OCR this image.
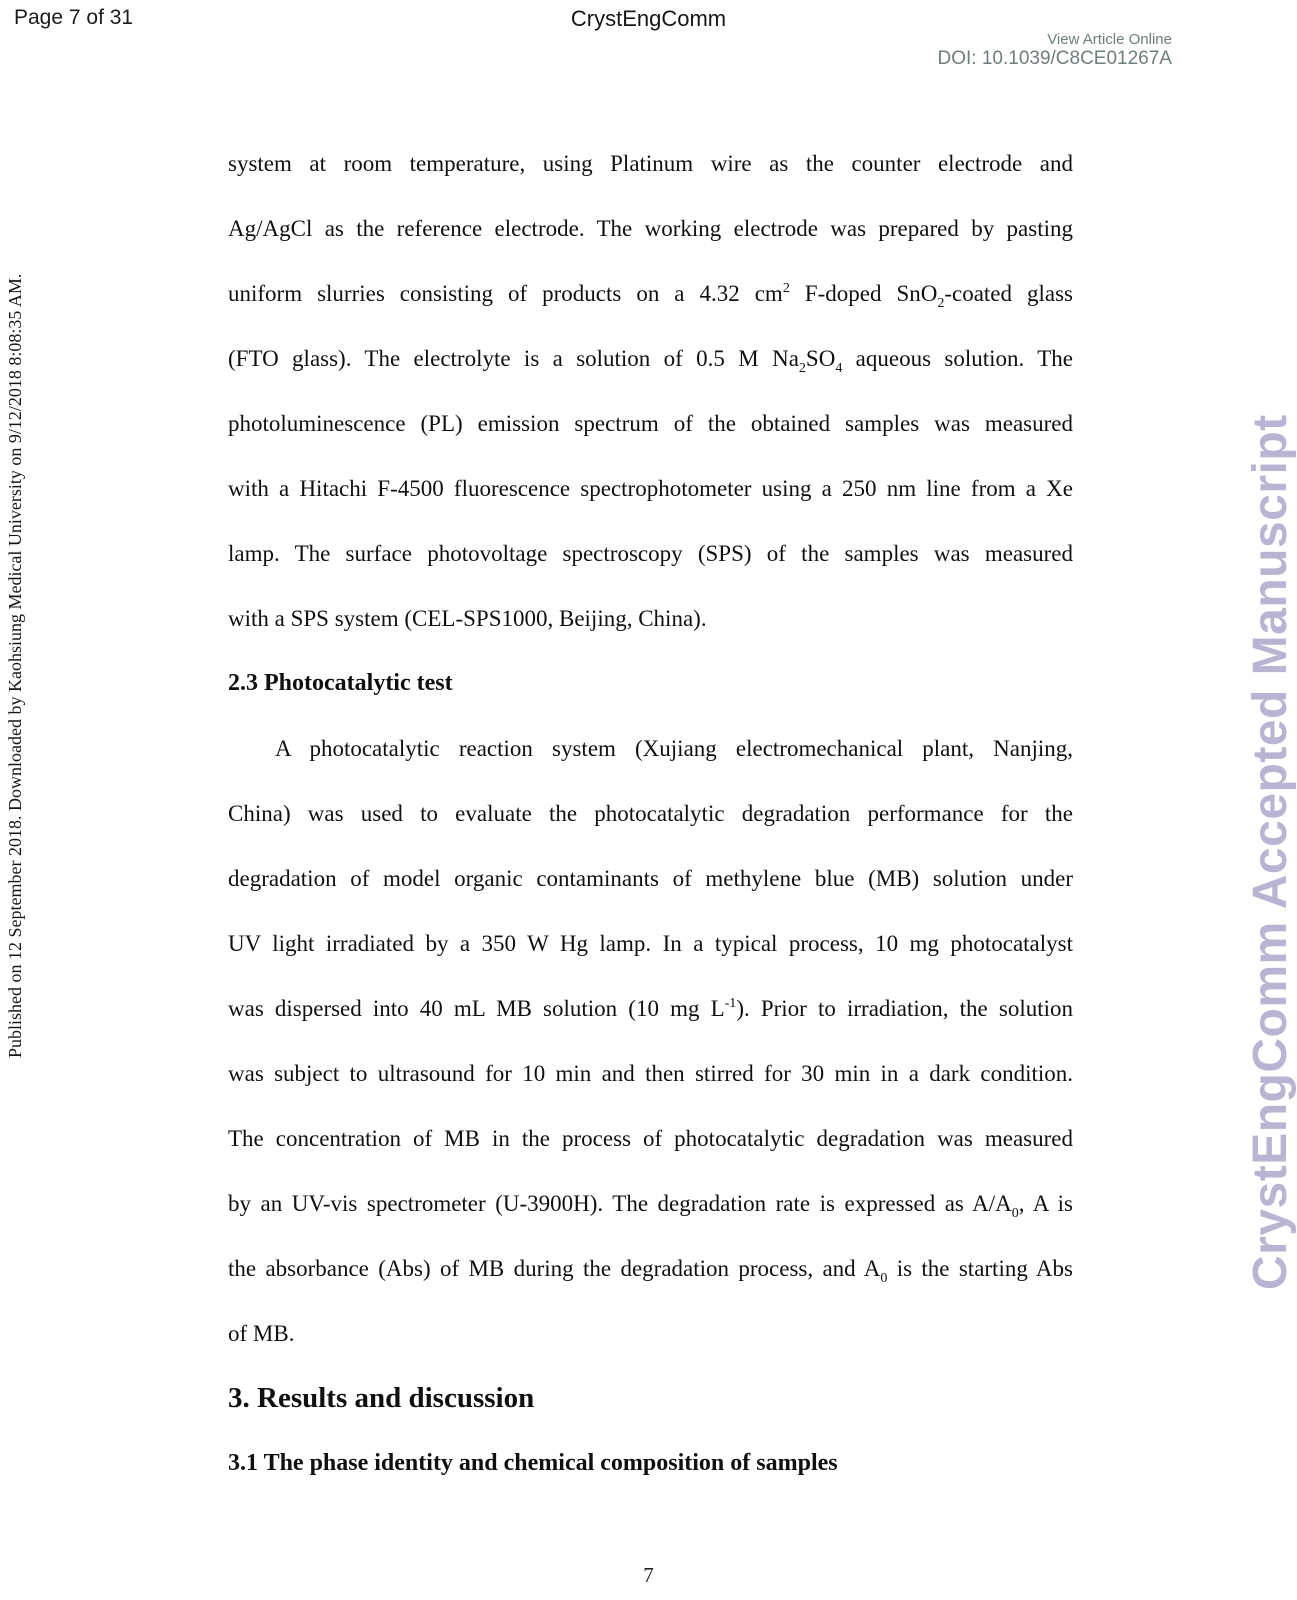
Page 7 of 31	CrystEngComm
View Article Online
DOI: 10.1039/C8CE01267A
Published on 12 September 2018. Downloaded by Kaohsiung Medical University on 9/12/2018 8:08:35 AM.	CrystEngComm Accepted Manuscript
system at room temperature, using Platinum wire as the counter electrode and
Ag/AgCl as the reference electrode. The working electrode was prepared by pasting
uniform slurries consisting of products on a 4.32 $cm^2$ F-doped SnO$_2$-coated glass
(FTO glass). The electrolyte is a solution of 0.5 M $Na_2SO_4$ aqueous solution. The
photoluminescence (PL) emission spectrum of the obtained samples was measured
with a Hitachi F-4500 fluorescence spectrophotometer using a 250 nm line from a Xe
lamp. The surface photovoltage spectroscopy (SPS) of the samples was measured
with a SPS system (CEL-SPS1000, Beijing, China).
2.3 Photocatalytic test
A photocatalytic reaction system (Xujiang electromechanical plant, Nanjing,
China) was used to evaluate the photocatalytic degradation performance for the
degradation of model organic contaminants of methylene blue (MB) solution under
UV light irradiated by a 350 W Hg lamp. In a typical process, 10 mg photocatalyst
was dispersed into 40 mL MB solution (10 mg $L^{-1}$). Prior to irradiation, the solution
was subject to ultrasound for 10 min and then stirred for 30 min in a dark condition.
The concentration of MB in the process of photocatalytic degradation was measured
by an UV-vis spectrometer (U-3900H). The degradation rate is expressed as $A/A_0$, A is
the absorbance (Abs) of MB during the degradation process, and $A_0$ is the starting Abs
of MB.
3. Results and discussion
3.1 The phase identity and chemical composition of samples
7
